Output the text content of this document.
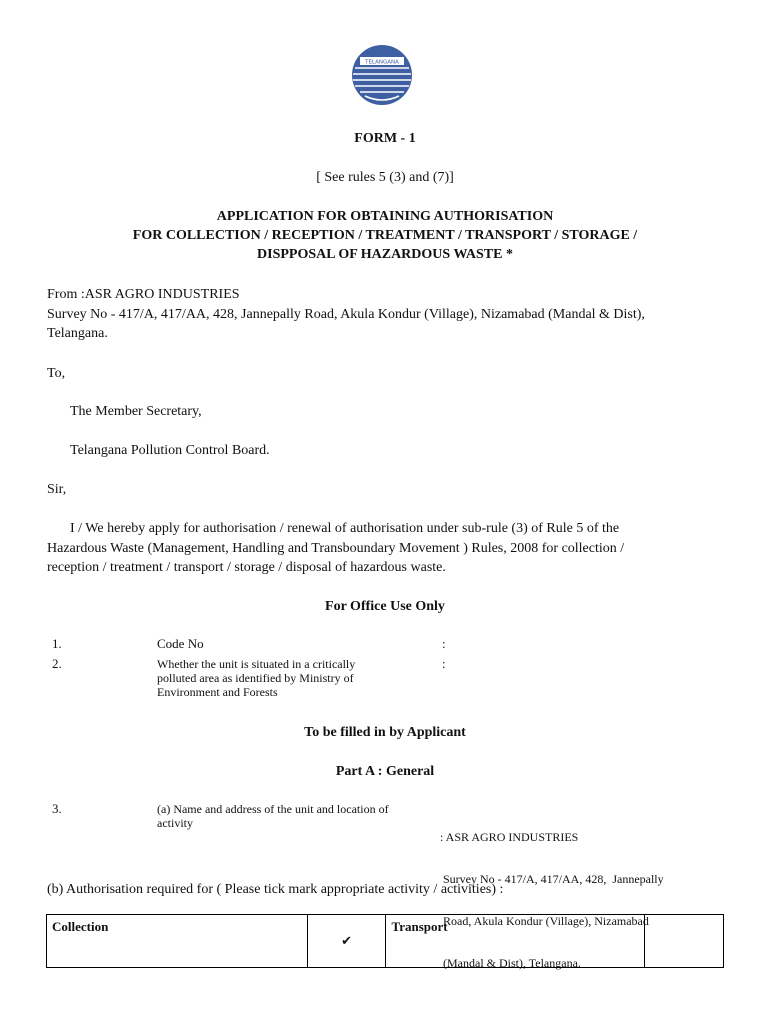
TELANGANA
FORM - 1
[ See rules 5 (3) and (7)]
APPLICATION FOR OBTAINING AUTHORISATION
FOR COLLECTION / RECEPTION / TREATMENT / TRANSPORT / STORAGE /
DISPPOSAL OF HAZARDOUS WASTE *
From :ASR AGRO INDUSTRIES
Survey No - 417/A, 417/AA, 428, Jannepally Road, Akula Kondur (Village), Nizamabad (Mandal & Dist),
Telangana.
To,
The Member Secretary,
Telangana Pollution Control Board.
Sir,
I / We hereby apply for authorisation / renewal of authorisation under sub-rule (3) of Rule 5 of the
Hazardous Waste (Management, Handling and Transboundary Movement ) Rules, 2008 for collection /
reception / treatment / transport / storage / disposal of hazardous waste.
For Office Use Only
1.	Code No	:
2.	Whether the unit is situated in a critically
polluted area as identified by Ministry of
Environment and Forests
:
To be filled in by Applicant
Part A : General
3.	(a) Name and address of the unit and location of
activity

: ASR AGRO INDUSTRIES

Survey No - 417/A, 417/AA, 428,  Jannepally

Road, Akula Kondur (Village), Nizamabad

(Mandal & Dist), Telangana.

(b) Authorisation required for ( Please tick mark appropriate activity / activities) :
Collection	✔	Transport	
